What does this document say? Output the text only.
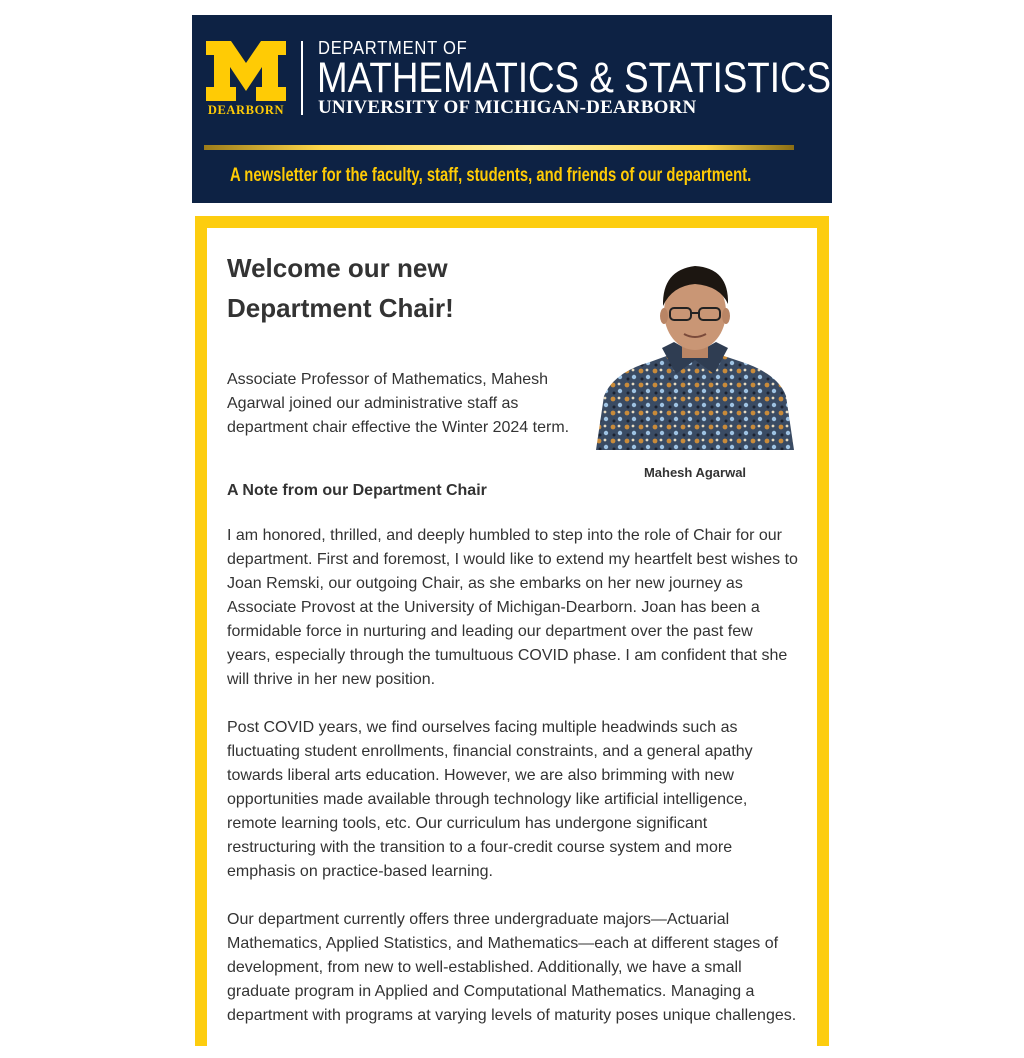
DEARBORN
DEPARTMENT OF
MATHEMATICS & STATISTICS
UNIVERSITY OF MICHIGAN-DEARBORN
A newsletter for the faculty, staff, students, and friends of our department.
Welcome our new
Department Chair!

Associate Professor of Mathematics, Mahesh Agarwal joined our administrative staff as department chair effective the Winter 2024 term.

Mahesh Agarwal
A Note from our Department Chair

I am honored, thrilled, and deeply humbled to step into the role of Chair for our department. First and foremost, I would like to extend my heartfelt best wishes to Joan Remski, our outgoing Chair, as she embarks on her new journey as Associate Provost at the University of Michigan-Dearborn. Joan has been a formidable force in nurturing and leading our department over the past few years, especially through the tumultuous COVID phase. I am confident that she will thrive in her new position.

Post COVID years, we find ourselves facing multiple headwinds such as fluctuating student enrollments, financial constraints, and a general apathy towards liberal arts education. However, we are also brimming with new opportunities made available through technology like artificial intelligence, remote learning tools, etc. Our curriculum has undergone significant restructuring with the transition to a four-credit course system and more emphasis on practice-based learning.

Our department currently offers three undergraduate majors—Actuarial Mathematics, Applied Statistics, and Mathematics—each at different stages of development, from new to well-established. Additionally, we have a small graduate program in Applied and Computational Mathematics. Managing a department with programs at varying levels of maturity poses unique challenges.
